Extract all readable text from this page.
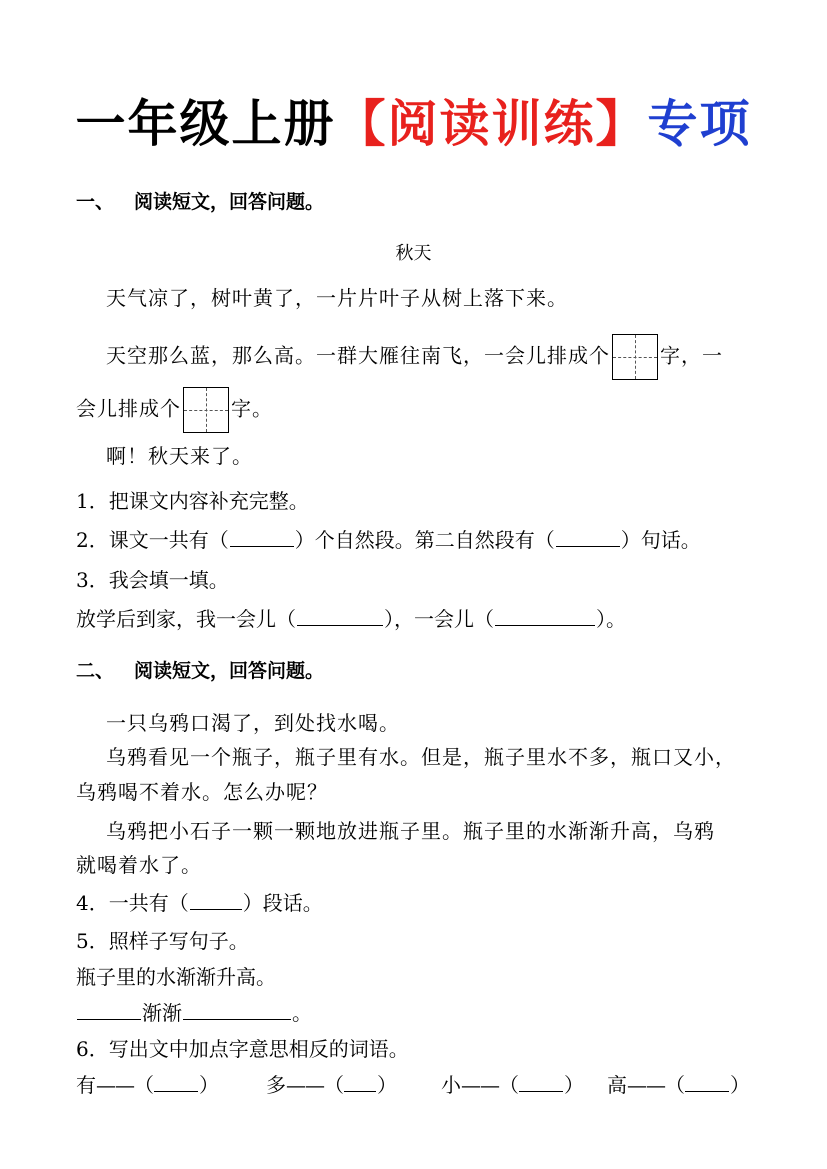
一年级上册【阅读训练】专项
一、 阅读短文，回答问题。
秋天
天气凉了，树叶黄了，一片片叶子从树上落下来。
天空那么蓝，那么高。一群大雁往南飞，一会儿排成个	字，一
会儿排成个	字。
啊！秋天来了。
1．把课文内容补充完整。
2．课文一共有（	）个自然段。第二自然段有（	）句话。
3．我会填一填。
放学后到家，我一会儿（	），一会儿（	）。
二、 阅读短文，回答问题。
一只乌鸦口渴了，到处找水喝。
乌鸦看见一个瓶子，瓶子里有水。但是，瓶子里水不多，瓶口又小，
乌鸦喝不着水。怎么办呢？
乌鸦把小石子一颗一颗地放进瓶子里。瓶子里的水渐渐升高，乌鸦
就喝着水了。
4．一共有（	）段话。
5．照样子写句子。
瓶子里的水渐渐升高。
渐渐	。
6．写出文中加点字意思相反的词语。
有——（ ） 多——（ ） 小——（ ） 高——（ ）
